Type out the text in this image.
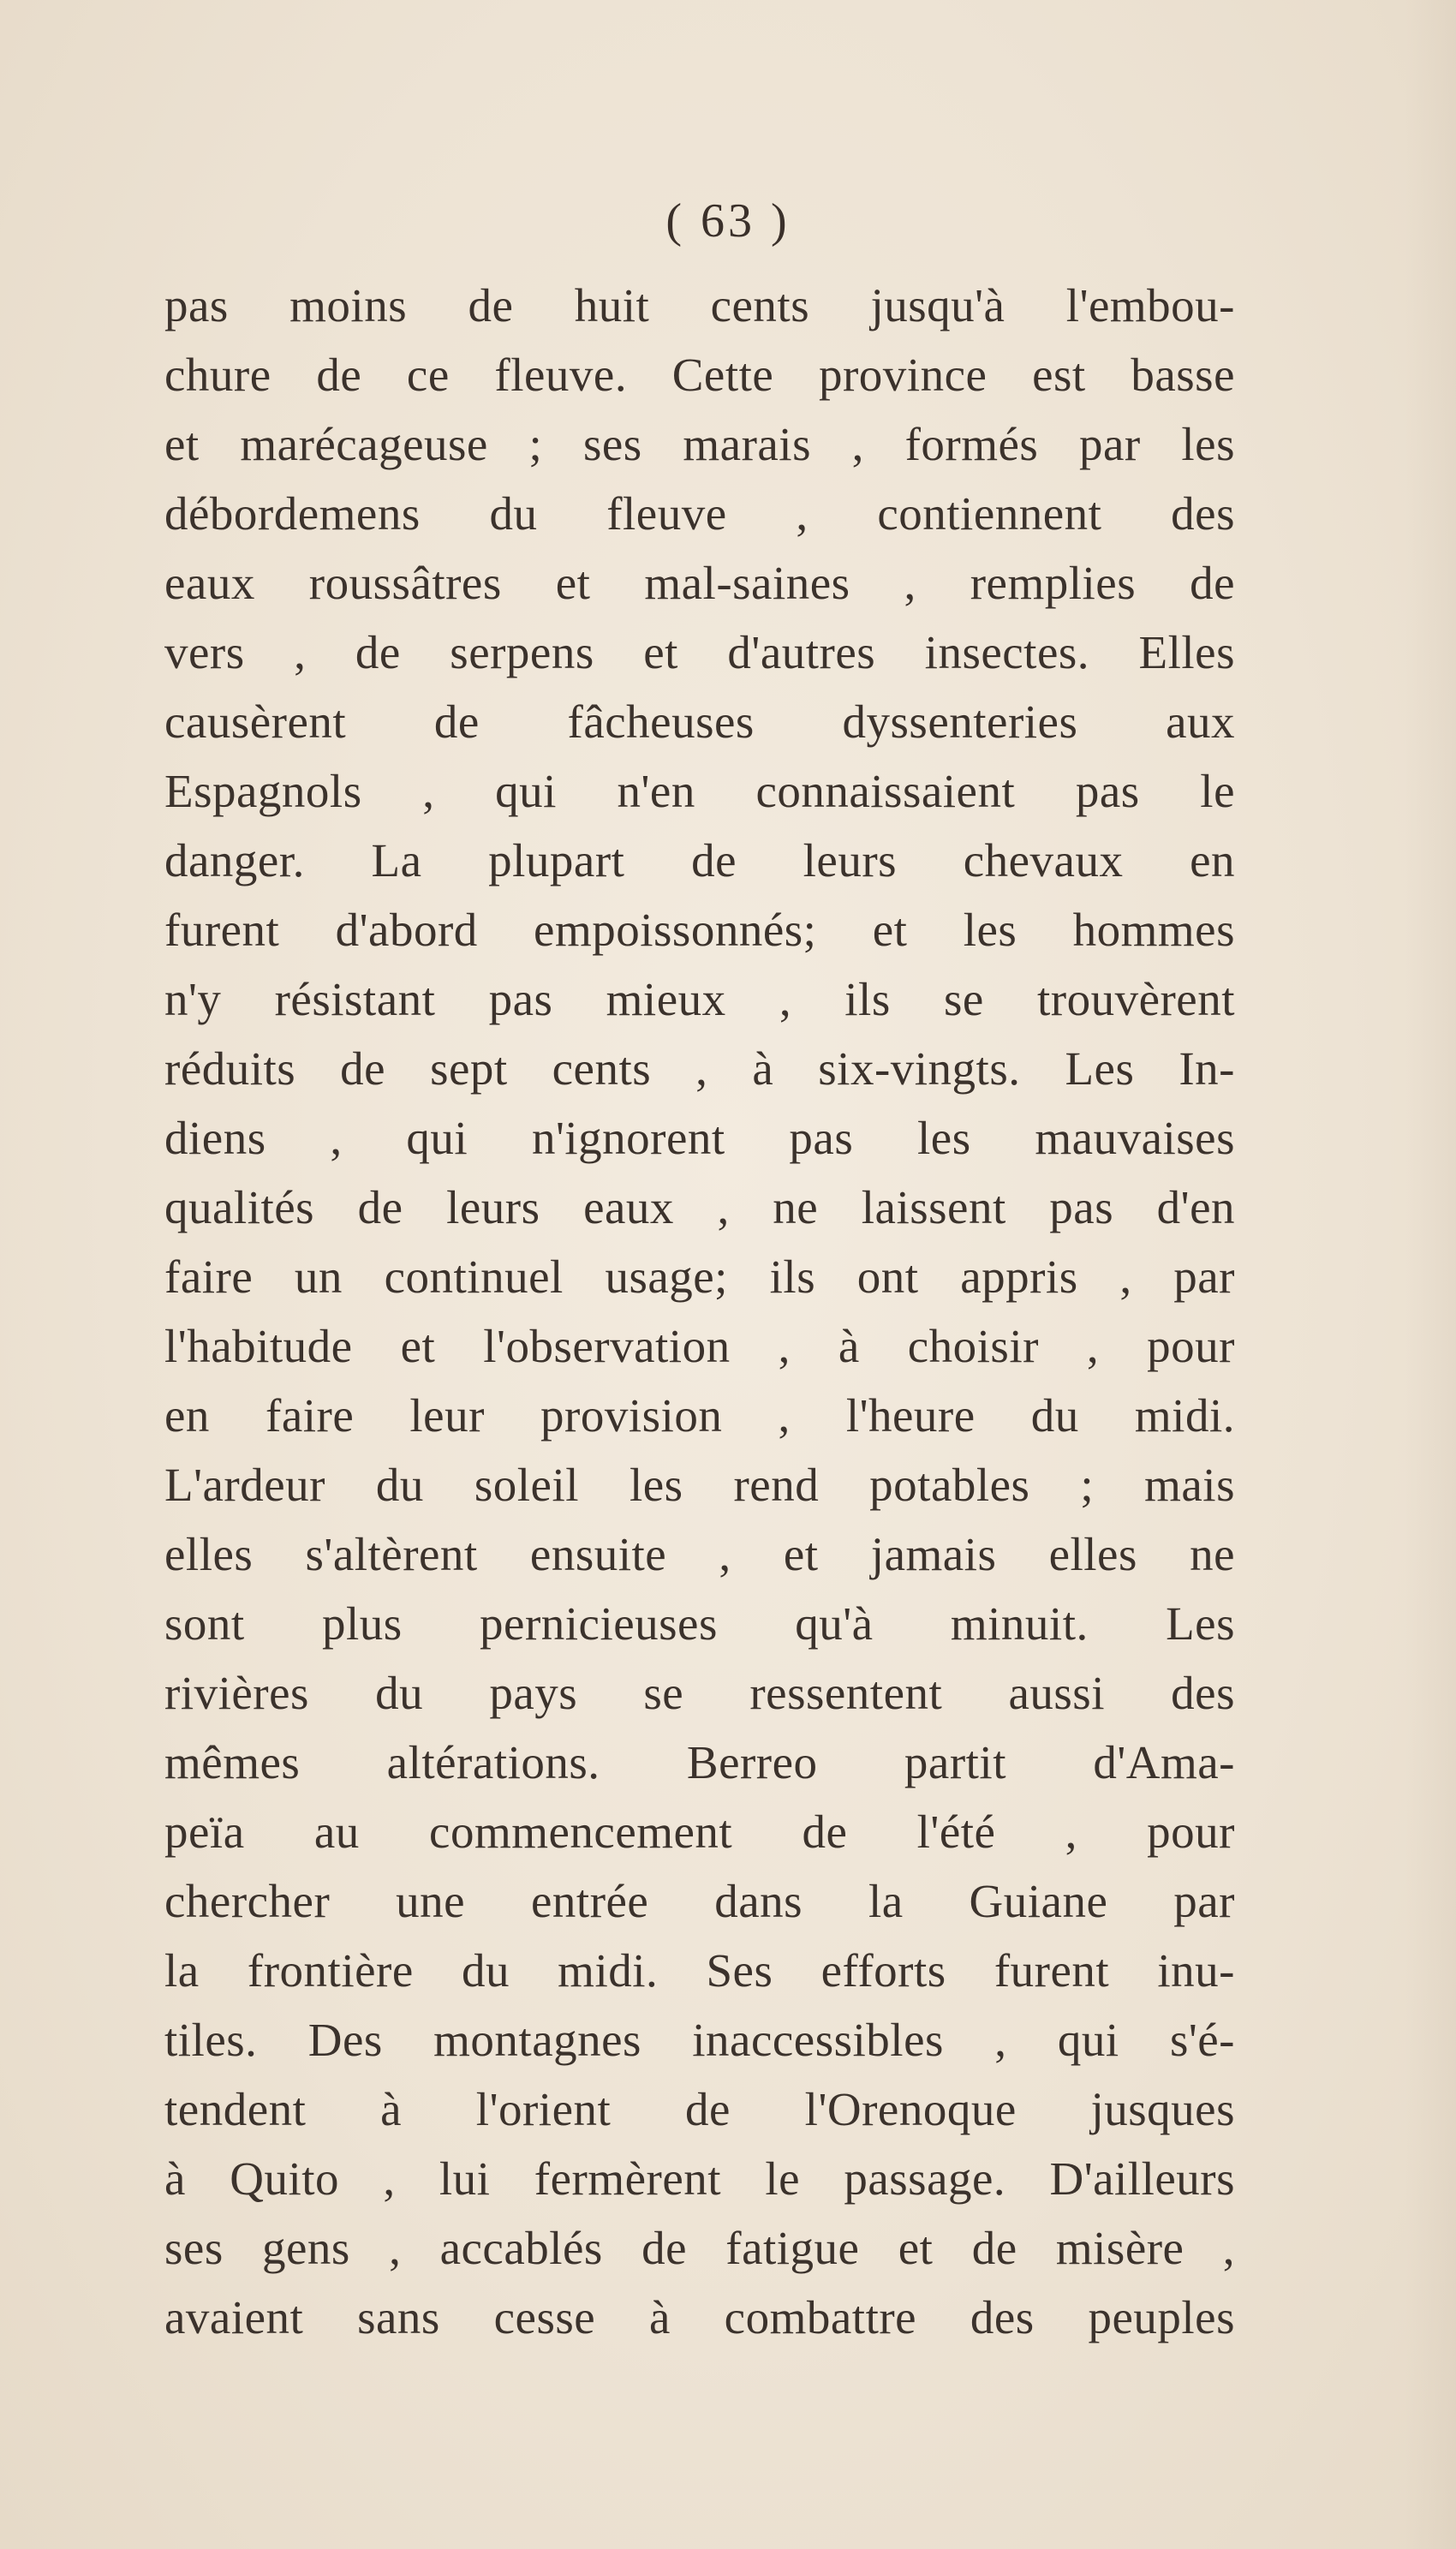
( 63 )
pas moins de huit cents jusqu'à l'embou-
chure de ce fleuve. Cette province est basse
et marécageuse ; ses marais , formés par les
débordemens du fleuve , contiennent des
eaux roussâtres et mal-saines , remplies de
vers , de serpens et d'autres insectes. Elles
causèrent de fâcheuses dyssenteries aux
Espagnols , qui n'en connaissaient pas le
danger. La plupart de leurs chevaux en
furent d'abord empoissonnés; et les hommes
n'y résistant pas mieux , ils se trouvèrent
réduits de sept cents , à six-vingts. Les In-
diens , qui n'ignorent pas les mauvaises
qualités de leurs eaux , ne laissent pas d'en
faire un continuel usage; ils ont appris , par
l'habitude et l'observation , à choisir , pour
en faire leur provision , l'heure du midi.
L'ardeur du soleil les rend potables ; mais
elles s'altèrent ensuite , et jamais elles ne
sont plus pernicieuses qu'à minuit. Les
rivières du pays se ressentent aussi des
mêmes altérations. Berreo partit d'Ama-
peïa au commencement de l'été , pour
chercher une entrée dans la Guiane par
la frontière du midi. Ses efforts furent inu-
tiles. Des montagnes inaccessibles , qui s'é-
tendent à l'orient de l'Orenoque jusques
à Quito , lui fermèrent le passage. D'ailleurs
ses gens , accablés de fatigue et de misère ,
avaient sans cesse à combattre des peuples
